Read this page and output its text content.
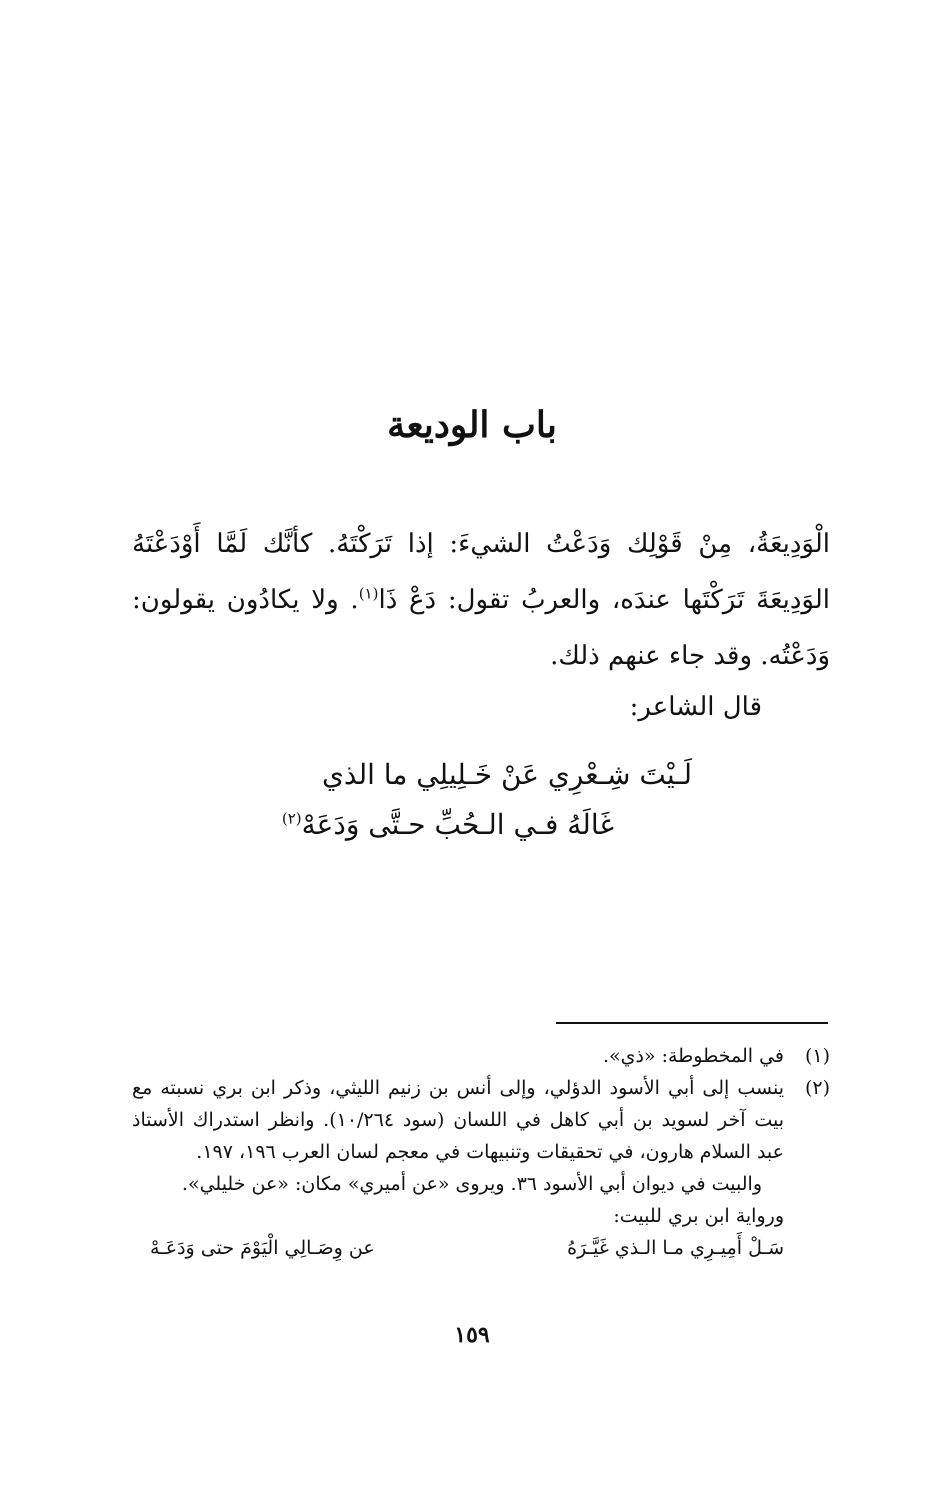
باب الوديعة

الْوَدِيعَةُ، مِنْ قَوْلِك وَدَعْتُ الشيءَ: إذا تَرَكْتَهُ. كأنَّك لَمَّا أَوْدَعْتَهُ الوَدِيعَةَ تَرَكْتَها عندَه، والعربُ تقول: دَعْ ذَا$^{(١)}$. ولا يكادُون يقولون: وَدَعْتُه. وقد جاء عنهم ذلك.

قال الشاعر:

لَـيْتَ شِـعْرِي عَنْ خَـلِيلِي ما الذي

غَالَهُ فـي الـحُبِّ حـتَّى وَدَعَهْ$^{(٢)}$

(١)

في المخطوطة: «ذي».

(٢)

ينسب إلى أبي الأسود الدؤلي، وإلى أنس بن زنيم الليثي، وذكر ابن بري نسبته مع بيت آخر لسويد بن أبي كاهل في اللسان (سود ١٠/٢٦٤). وانظر استدراك الأستاذ عبد السلام هارون، في تحقيقات وتنبيهات في معجم لسان العرب ١٩٦، ١٩٧.

والبيت في ديوان أبي الأسود ٣٦. ويروى «عن أميري» مكان: «عن خليلي».

ورواية ابن بري للبيت:

سَـلْ أَمِيـرِي مـا الـذي غَيَّـرَهُ
عن وِصَـالِي الْيَوْمَ حتى وَدَعَـهْ
١٥٩
